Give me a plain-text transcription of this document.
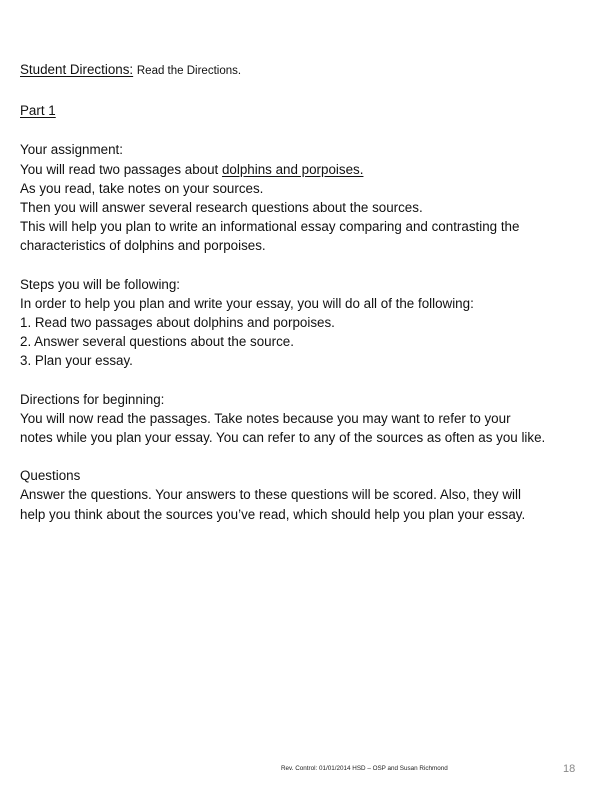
Student Directions: Read the Directions.
Part 1
Your assignment:
You will read two passages about dolphins and porpoises.
As you read, take notes on your sources.
Then you will answer several research questions about the sources.
This will help you plan to write an informational essay comparing and contrasting the
characteristics of dolphins and porpoises.
Steps you will be following:
In order to help you plan and write your essay, you will do all of the following:
1. Read two passages about dolphins and porpoises.
2. Answer several questions about the source.
3. Plan your essay.
Directions for beginning:
You will now read the passages. Take notes because you may want to refer to your
notes while you plan your essay. You can refer to any of the sources as often as you like.
Questions
Answer the questions. Your answers to these questions will be scored. Also, they will
help you think about the sources you’ve read, which should help you plan your essay.
Rev. Control: 01/01/2014 HSD – OSP and Susan Richmond	18
